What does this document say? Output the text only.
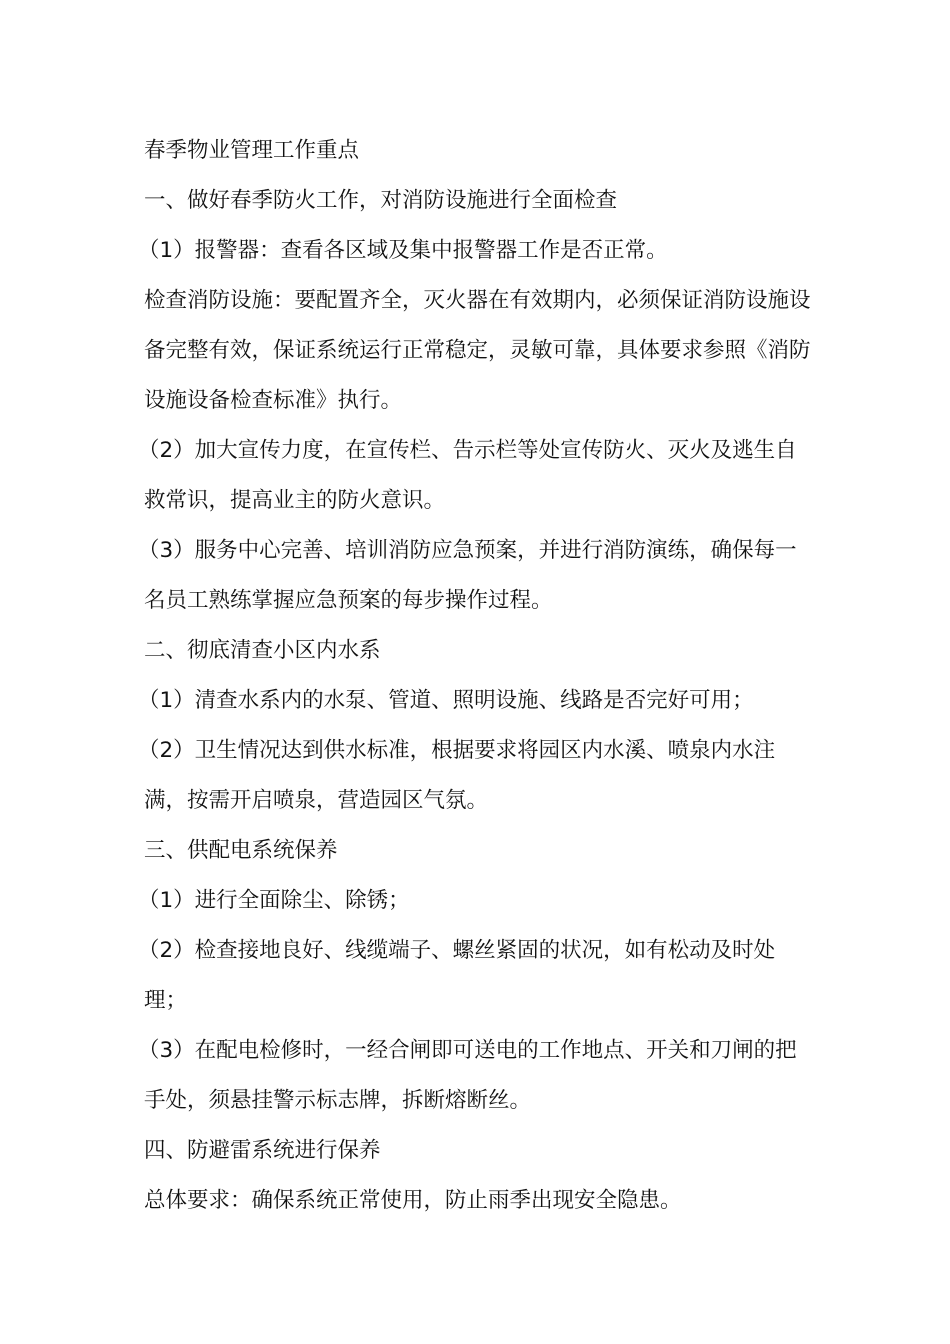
春季物业管理工作重点

一、做好春季防火工作，对消防设施进行全面检查

（1）报警器：查看各区域及集中报警器工作是否正常。

检查消防设施：要配置齐全，灭火器在有效期内，必须保证消防设施设备完整有效，保证系统运行正常稳定，灵敏可靠，具体要求参照《消防设施设备检查标准》执行。

（2）加大宣传力度，在宣传栏、告示栏等处宣传防火、灭火及逃生自救常识，提高业主的防火意识。

（3）服务中心完善、培训消防应急预案，并进行消防演练，确保每一名员工熟练掌握应急预案的每步操作过程。

二、彻底清查小区内水系

（1）清查水系内的水泵、管道、照明设施、线路是否完好可用；

（2）卫生情况达到供水标准，根据要求将园区内水溪、喷泉内水注满，按需开启喷泉，营造园区气氛。

三、供配电系统保养

（1）进行全面除尘、除锈；

（2）检查接地良好、线缆端子、螺丝紧固的状况，如有松动及时处理；

（3）在配电检修时，一经合闸即可送电的工作地点、开关和刀闸的把手处，须悬挂警示标志牌，拆断熔断丝。

四、防避雷系统进行保养

总体要求：确保系统正常使用，防止雨季出现安全隐患。
